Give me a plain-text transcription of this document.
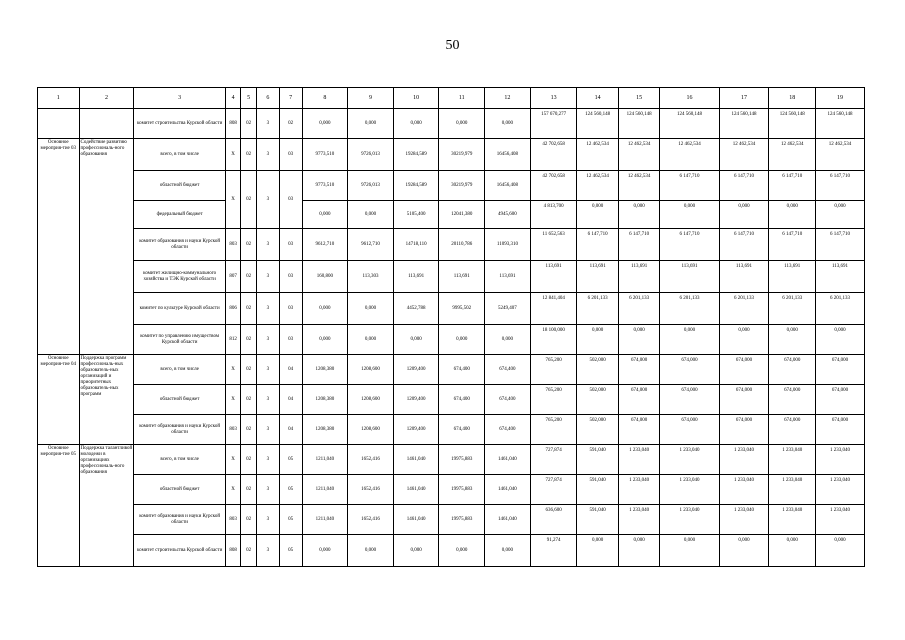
50
1	2	3	4	5	6	7	8	9	10	11	12	13	14	15	16	17	18	19
		комитет строительства Курской области	808	02	3	02	0,000	0,000	0,000	0,000	0,000	157 670,277	124 560,148	124 560,148	124 560,148	124 560,148	124 560,148	124 560,148
Основное мероприя-тие 03	Содействие развитию профессиональ-ного образования	всего, в том числе	X	02	3	03	9773,510	9726,013	19284,589	30219,979	16456,408	42 702,658	12 462,534	12 462,534	12 462,534	12 462,534	12 462,534	12 462,534
		областной бюджет	X	02	3	03	9773,510	9726,013	19284,589	30219,979	16456,408	42 702,658	12 462,534	12 462,534	6 147,710	6 147,710	6 147,710	6 147,710
		федеральный бюджет					0,000	0,000	5105,400	12041,380	4945,600	4 813,700	0,000	0,000	0,000	0,000	0,000	0,000
		комитет образования и науки Курской области	803	02	3	03	9612,710	9612,710	14718,110	20110,786	11093,310	11 652,563	6 147,710	6 147,710	6 147,710	6 147,710	6 147,710	6 147,710
		комитет жилищно-коммунального хозяйства и ТЭК Курской области	807	02	3	03	160,800	113,303	113,691	113,691	113,691	113,691	113,691	113,691	113,691	113,691	113,691	113,691
		комитет по культуре Курской области	806	02	3	03	0,000	0,000	4452,788	9995,502	5249,407	12 841,404	6 201,133	6 201,133	6 201,133	6 201,133	6 201,133	6 201,133
		комитет по управлению имуществом Курской области	812	02	3	03	0,000	0,000	0,000	0,000	0,000	18 100,000	0,000	0,000	0,000	0,000	0,000	0,000
Основное мероприя-тие 04	Поддержка программ профессиональ-ных образователь-ных организаций и приоритетных образователь-ных программ	всего, в том числе	X	02	3	04	1208,380	1208,600	1209,400	674,400	674,400	765,200	502,000	674,000	674,000	674,000	674,000	674,000
		областной бюджет	X	02	3	04	1208,380	1208,600	1209,400	674,400	674,400	765,200	502,000	674,000	674,000	674,000	674,000	674,000
		комитет образования и науки Курской области	803	02	3	04	1208,380	1208,600	1209,400	674,400	674,400	765,200	502,000	674,000	674,000	674,000	674,000	674,000
Основное мероприя-тие 05	Поддержка талантливой молодежи в организациях профессиональ-ного образования	всего, в том числе	X	02	3	05	1211,040	1652,416	1461,040	19975,883	1461,040	727,874	591,040	1 233,040	1 233,040	1 233,040	1 233,040	1 233,040
		областной бюджет	X	02	3	05	1211,040	1652,416	1461,040	19975,883	1461,040	727,874	591,040	1 233,040	1 233,040	1 233,040	1 233,040	1 233,040
		комитет образования и науки Курской области	803	02	3	05	1211,040	1652,416	1461,040	19975,883	1461,040	636,600	591,040	1 233,040	1 233,040	1 233,040	1 233,040	1 233,040
		комитет строительства Курской области	808	02	3	05	0,000	0,000	0,000	0,000	0,000	91,274	0,000	0,000	0,000	0,000	0,000	0,000
